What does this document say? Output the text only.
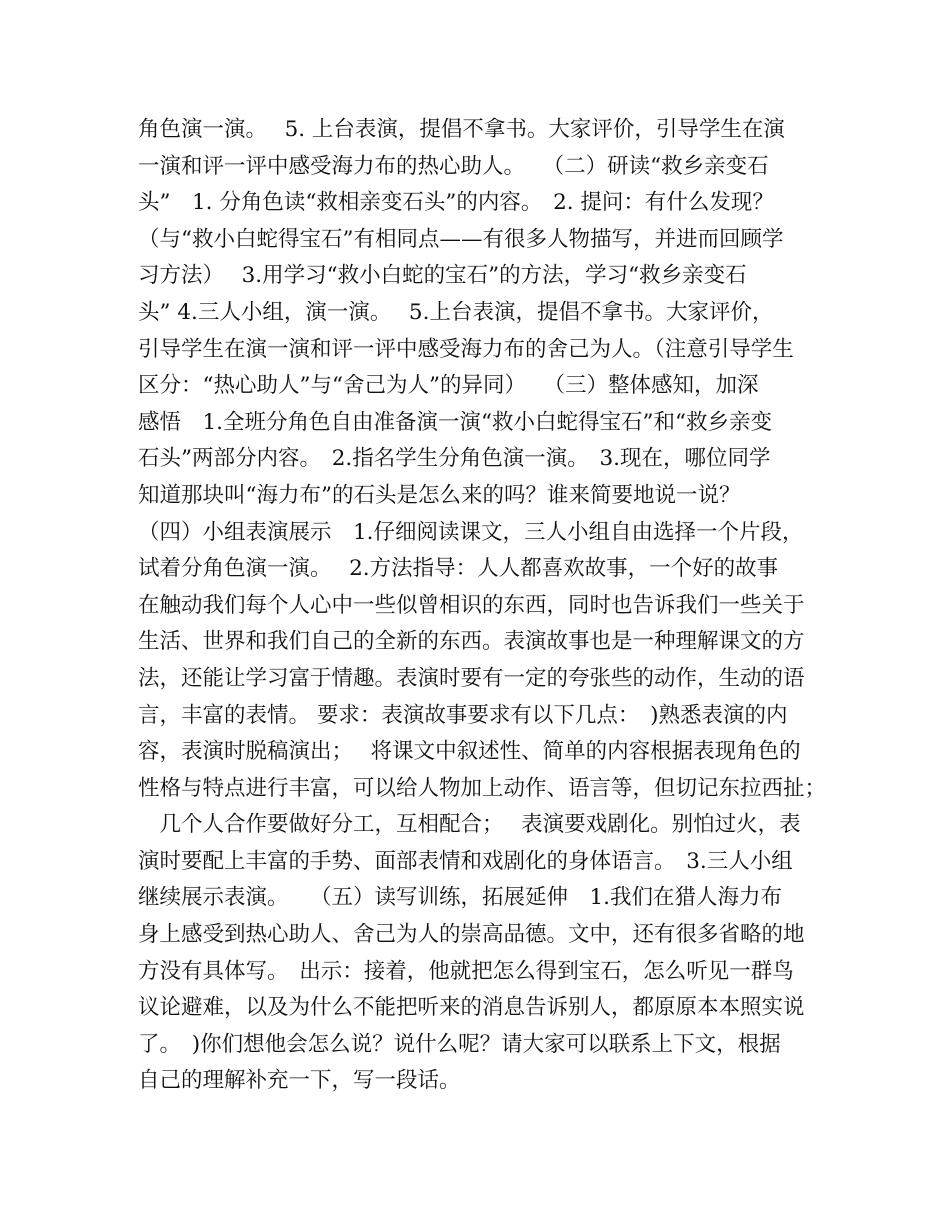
角色演一演。　 5. 上台表演，提倡不拿书。大家评价，引导学生在演
一演和评一评中感受海力布的热心助人。　 （二）研读“救乡亲变石
头”　1. 分角色读“救相亲变石头”的内容。　2. 提问：有什么发现？
（与“救小白蛇得宝石”有相同点——有很多人物描写，并进而回顾学
习方法）　 3.用学习“救小白蛇的宝石”的方法，学习“救乡亲变石
头” 4.三人小组，演一演。　 5.上台表演，提倡不拿书。大家评价，
引导学生在演一演和评一评中感受海力布的舍己为人。（注意引导学生
区分：“热心助人”与“舍己为人”的异同）　 （三）整体感知，加深
感悟　1.全班分角色自由准备演一演“救小白蛇得宝石”和“救乡亲变
石头”两部分内容。　2.指名学生分角色演一演。　3.现在，哪位同学
知道那块叫“海力布”的石头是怎么来的吗？谁来简要地说一说？
（四）小组表演展示　1.仔细阅读课文，三人小组自由选择一个片段，
试着分角色演一演。　 2.方法指导：人人都喜欢故事，一个好的故事
在触动我们每个人心中一些似曾相识的东西，同时也告诉我们一些关于
生活、世界和我们自己的全新的东西。表演故事也是一种理解课文的方
法，还能让学习富于情趣。表演时要有一定的夸张些的动作，生动的语
言，丰富的表情。 要求：表演故事要求有以下几点：　)熟悉表演的内
容，表演时脱稿演出；　 将课文中叙述性、简单的内容根据表现角色的
性格与特点进行丰富，可以给人物加上动作、语言等，但切记东拉西扯；
　几个人合作要做好分工，互相配合；　 表演要戏剧化。别怕过火，表
演时要配上丰富的手势、面部表情和戏剧化的身体语言。　3.三人小组
继续展示表演。　　（五）读写训练，拓展延伸　1.我们在猎人海力布
身上感受到热心助人、舍己为人的崇高品德。文中，还有很多省略的地
方没有具体写。　出示：接着，他就把怎么得到宝石，怎么听见一群鸟
议论避难，以及为什么不能把听来的消息告诉别人，都原原本本照实说
了。　)你们想他会怎么说？说什么呢？请大家可以联系上下文，根据
自己的理解补充一下，写一段话。
